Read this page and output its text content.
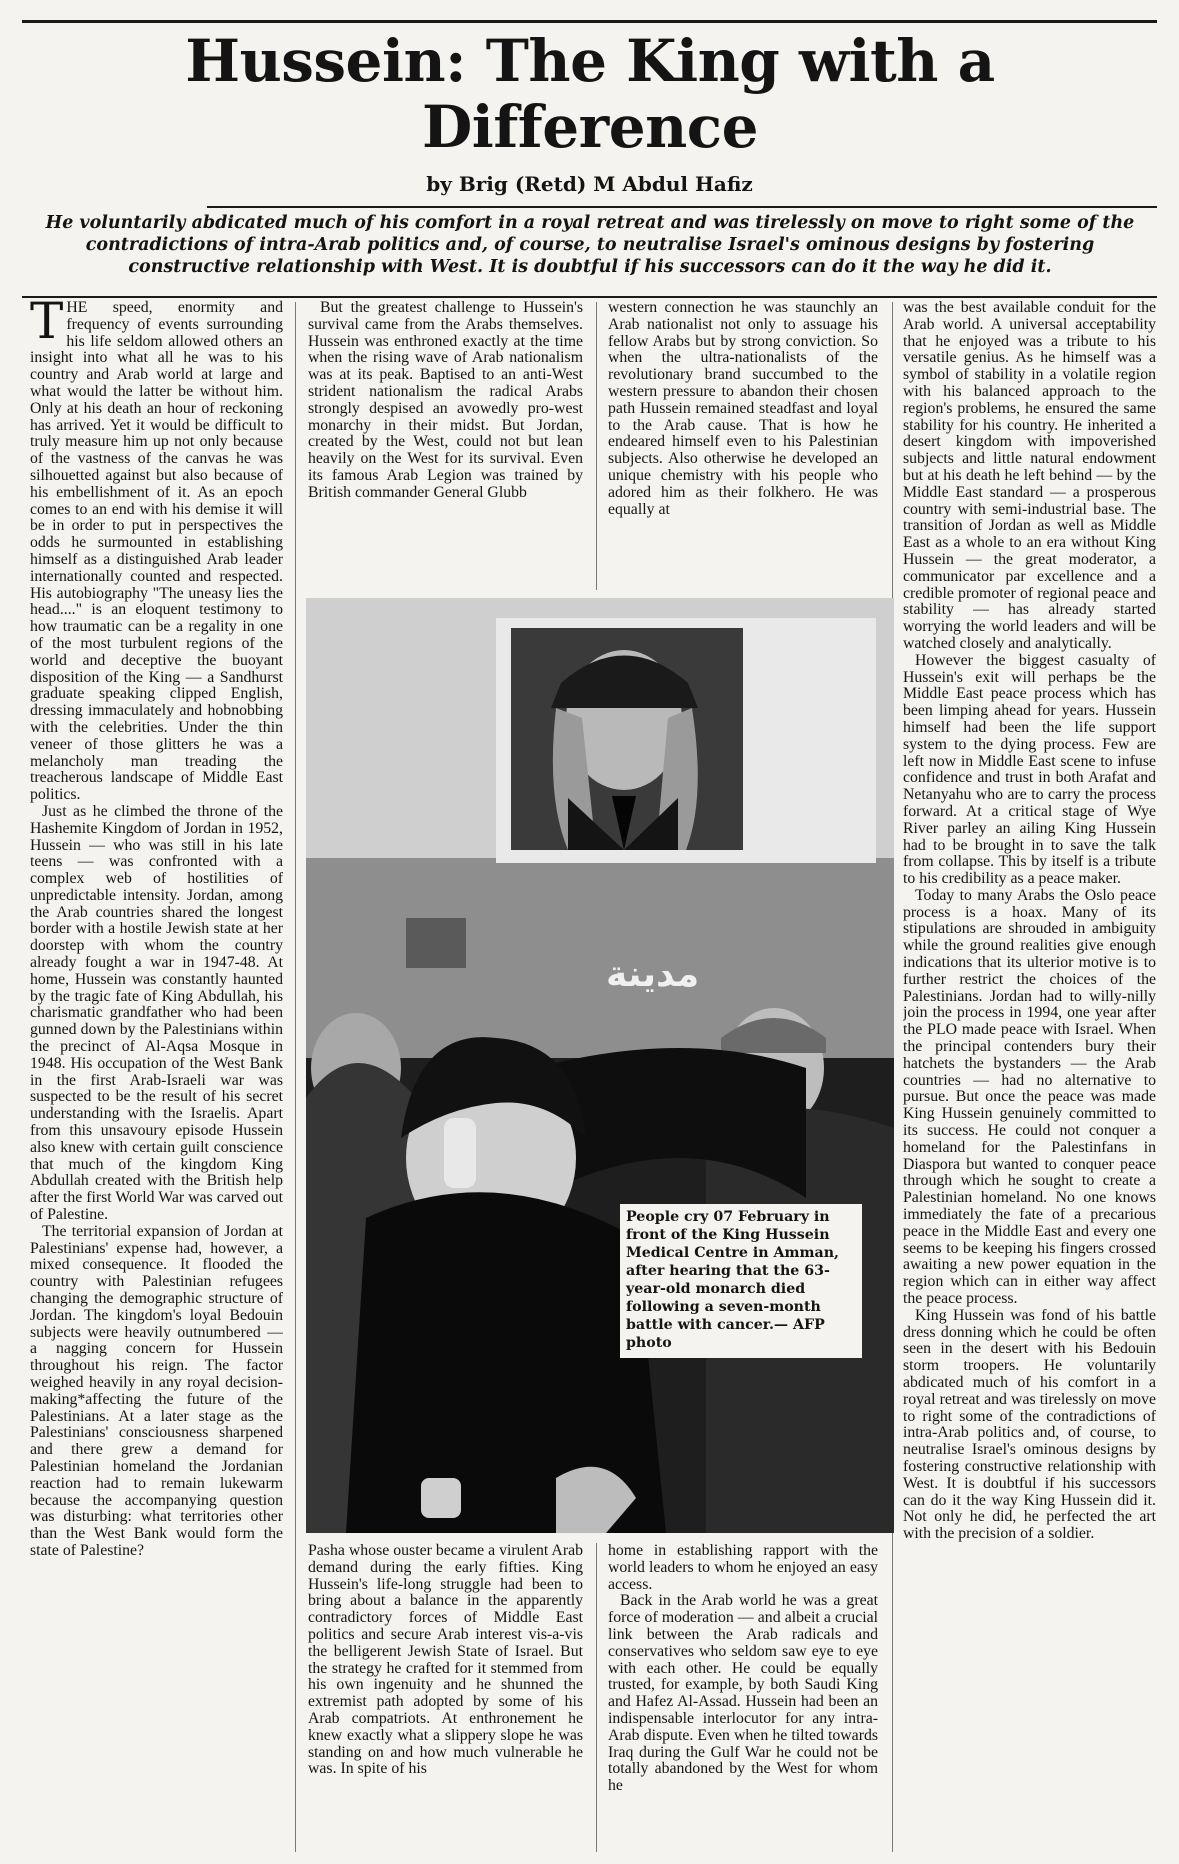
Hussein: The King with a Difference
by Brig (Retd) M Abdul Hafiz
He voluntarily abdicated much of his comfort in a royal retreat and was tirelessly on move to right some of the contradictions of intra-Arab politics and, of course, to neutralise Israel's ominous designs by fostering constructive relationship with West. It is doubtful if his successors can do it the way he did it.

THE speed, enormity and frequency of events surrounding his life seldom allowed others an insight into what all he was to his country and Arab world at large and what would the latter be without him. Only at his death an hour of reckoning has arrived. Yet it would be difficult to truly measure him up not only because of the vastness of the canvas he was silhouetted against but also because of his embellishment of it. As an epoch comes to an end with his demise it will be in order to put in perspectives the odds he surmounted in establishing himself as a distinguished Arab leader internationally counted and respected. His autobiography "The uneasy lies the head...." is an eloquent testimony to how traumatic can be a regality in one of the most turbulent regions of the world and deceptive the buoyant disposition of the King — a Sandhurst graduate speaking clipped English, dressing immaculately and hobnobbing with the celebrities. Under the thin veneer of those glitters he was a melancholy man treading the treacherous landscape of Middle East politics.

Just as he climbed the throne of the Hashemite Kingdom of Jordan in 1952, Hussein — who was still in his late teens — was confronted with a complex web of hostilities of unpredictable intensity. Jordan, among the Arab countries shared the longest border with a hostile Jewish state at her doorstep with whom the country already fought a war in 1947-48. At home, Hussein was constantly haunted by the tragic fate of King Abdullah, his charismatic grandfather who had been gunned down by the Palestinians within the precinct of Al-Aqsa Mosque in 1948. His occupation of the West Bank in the first Arab-Israeli war was suspected to be the result of his secret understanding with the Israelis. Apart from this unsavoury episode Hussein also knew with certain guilt conscience that much of the kingdom King Abdullah created with the British help after the first World War was carved out of Palestine.

The territorial expansion of Jordan at Palestinians' expense had, however, a mixed consequence. It flooded the country with Palestinian refugees changing the demographic structure of Jordan. The kingdom's loyal Bedouin subjects were heavily outnumbered — a nagging concern for Hussein throughout his reign. The factor weighed heavily in any royal decision-making*affecting the future of the Palestinians. At a later stage as the Palestinians' consciousness sharpened and there grew a demand for Palestinian homeland the Jordanian reaction had to remain lukewarm because the accompanying question was disturbing: what territories other than the West Bank would form the state of Palestine?

But the greatest challenge to Hussein's survival came from the Arabs themselves. Hussein was enthroned exactly at the time when the rising wave of Arab nationalism was at its peak. Baptised to an anti-West strident nationalism the radical Arabs strongly despised an avowedly pro-west monarchy in their midst. But Jordan, created by the West, could not but lean heavily on the West for its survival. Even its famous Arab Legion was trained by British commander General Glubb

western connection he was staunchly an Arab nationalist not only to assuage his fellow Arabs but by strong conviction. So when the ultra-nationalists of the revolutionary brand succumbed to the western pressure to abandon their chosen path Hussein remained steadfast and loyal to the Arab cause. That is how he endeared himself even to his Palestinian subjects. Also otherwise he developed an unique chemistry with his people who adored him as their folkhero. He was equally at

مدينة
People cry 07 February in front of the King Hussein Medical Centre in Amman, after hearing that the 63-year-old monarch died following a seven-month battle with cancer.— AFP photo

Pasha whose ouster became a virulent Arab demand during the early fifties. King Hussein's life-long struggle had been to bring about a balance in the apparently contradictory forces of Middle East politics and secure Arab interest vis-a-vis the belligerent Jewish State of Israel. But the strategy he crafted for it stemmed from his own ingenuity and he shunned the extremist path adopted by some of his Arab compatriots. At enthronement he knew exactly what a slippery slope he was standing on and how much vulnerable he was. In spite of his

home in establishing rapport with the world leaders to whom he enjoyed an easy access.

Back in the Arab world he was a great force of moderation — and albeit a crucial link between the Arab radicals and conservatives who seldom saw eye to eye with each other. He could be equally trusted, for example, by both Saudi King and Hafez Al-Assad. Hussein had been an indispensable interlocutor for any intra-Arab dispute. Even when he tilted towards Iraq during the Gulf War he could not be totally abandoned by the West for whom he

was the best available conduit for the Arab world. A universal acceptability that he enjoyed was a tribute to his versatile genius. As he himself was a symbol of stability in a volatile region with his balanced approach to the region's problems, he ensured the same stability for his country. He inherited a desert kingdom with impoverished subjects and little natural endowment but at his death he left behind — by the Middle East standard — a prosperous country with semi-industrial base. The transition of Jordan as well as Middle East as a whole to an era without King Hussein — the great moderator, a communicator par excellence and a credible promoter of regional peace and stability — has already started worrying the world leaders and will be watched closely and analytically.

However the biggest casualty of Hussein's exit will perhaps be the Middle East peace process which has been limping ahead for years. Hussein himself had been the life support system to the dying process. Few are left now in Middle East scene to infuse confidence and trust in both Arafat and Netanyahu who are to carry the process forward. At a critical stage of Wye River parley an ailing King Hussein had to be brought in to save the talk from collapse. This by itself is a tribute to his credibility as a peace maker.

Today to many Arabs the Oslo peace process is a hoax. Many of its stipulations are shrouded in ambiguity while the ground realities give enough indications that its ulterior motive is to further restrict the choices of the Palestinians. Jordan had to willy-nilly join the process in 1994, one year after the PLO made peace with Israel. When the principal contenders bury their hatchets the bystanders — the Arab countries — had no alternative to pursue. But once the peace was made King Hussein genuinely committed to its success. He could not conquer a homeland for the Palestinfans in Diaspora but wanted to conquer peace through which he sought to create a Palestinian homeland. No one knows immediately the fate of a precarious peace in the Middle East and every one seems to be keeping his fingers crossed awaiting a new power equation in the region which can in either way affect the peace process.

King Hussein was fond of his battle dress donning which he could be often seen in the desert with his Bedouin storm troopers. He voluntarily abdicated much of his comfort in a royal retreat and was tirelessly on move to right some of the contradictions of intra-Arab politics and, of course, to neutralise Israel's ominous designs by fostering constructive relationship with West. It is doubtful if his successors can do it the way King Hussein did it. Not only he did, he perfected the art with the precision of a soldier.
